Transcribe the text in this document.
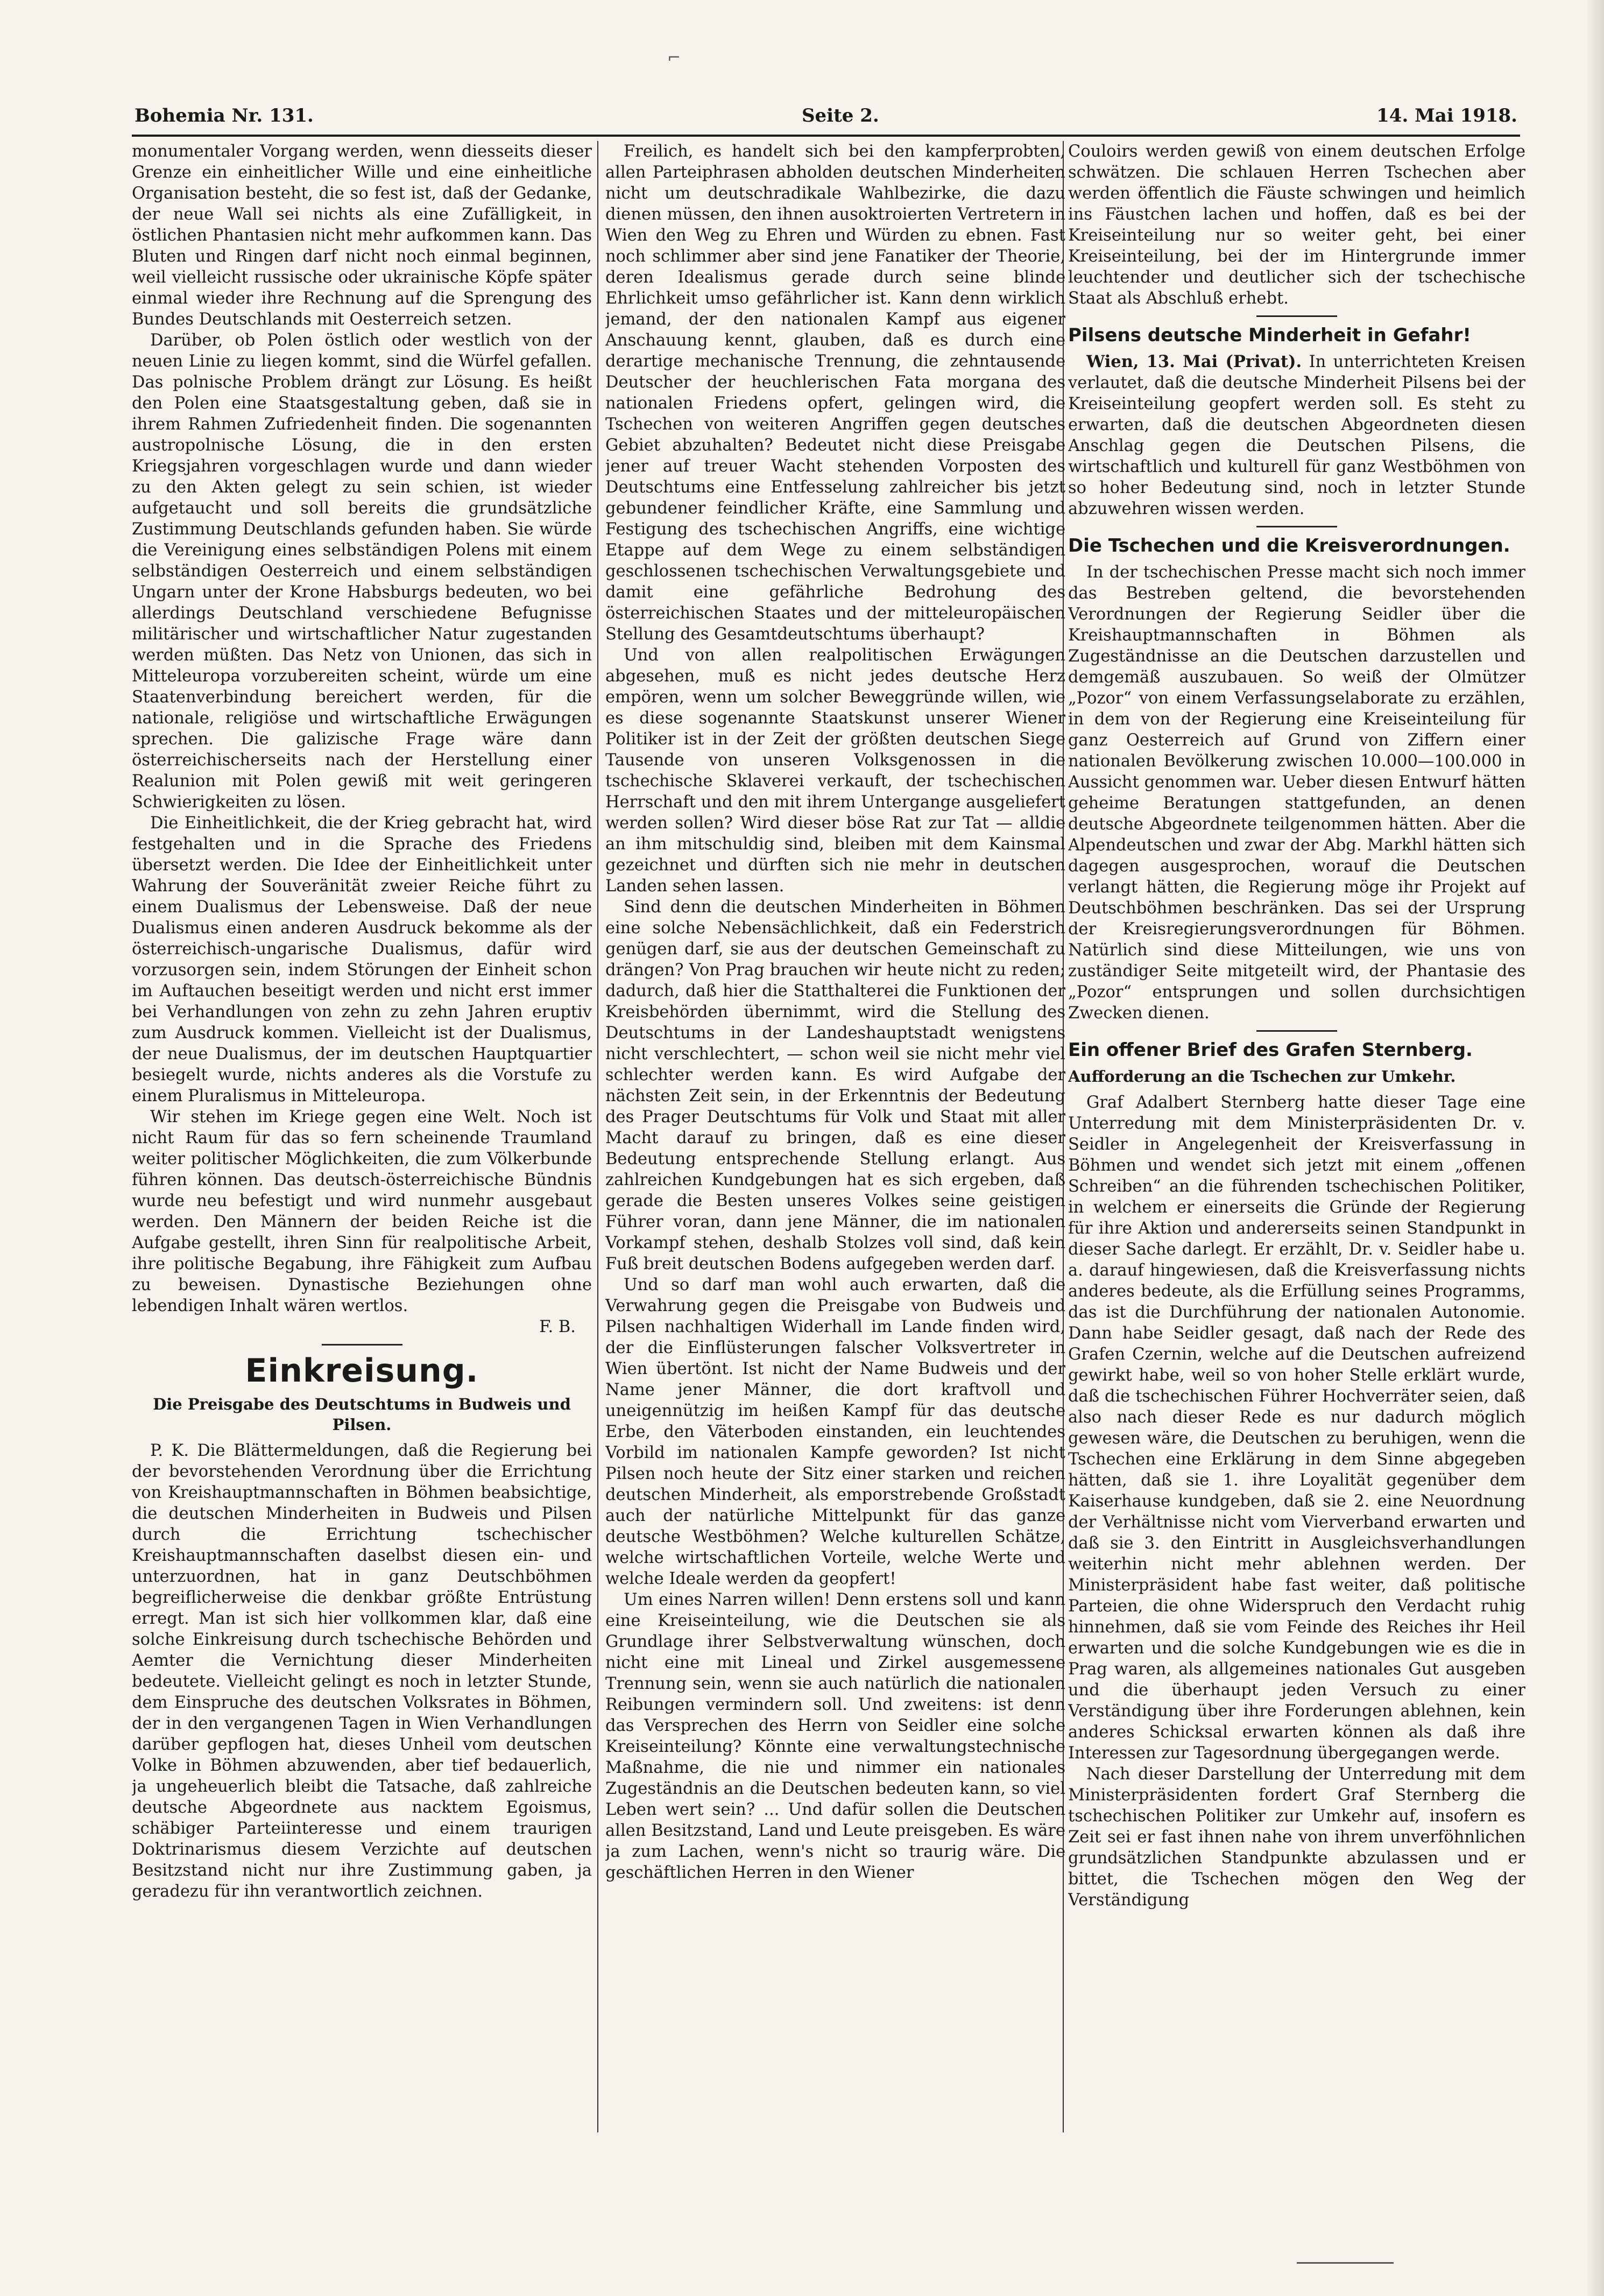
⌐
Bohemia Nr. 131.	Seite 2.	14. Mai 1918.

monumentaler Vorgang werden, wenn diesseits dieser Grenze ein einheitlicher Wille und eine einheitliche Organisation besteht, die so fest ist, daß der Gedanke, der neue Wall sei nichts als eine Zufälligkeit, in östlichen Phantasien nicht mehr aufkommen kann. Das Bluten und Ringen darf nicht noch einmal beginnen, weil vielleicht russische oder ukrainische Köpfe später einmal wieder ihre Rechnung auf die Sprengung des Bundes Deutschlands mit Oesterreich setzen.

Darüber, ob Polen östlich oder westlich von der neuen Linie zu liegen kommt, sind die Würfel gefallen. Das polnische Problem drängt zur Lösung. Es heißt den Polen eine Staatsgestaltung geben, daß sie in ihrem Rahmen Zufriedenheit finden. Die sogenannten austropolnische Lösung, die in den ersten Kriegsjahren vorgeschlagen wurde und dann wieder zu den Akten gelegt zu sein schien, ist wieder aufgetaucht und soll bereits die grundsätzliche Zustimmung Deutschlands gefunden haben. Sie würde die Vereinigung eines selbständigen Polens mit einem selbständigen Oesterreich und einem selbständigen Ungarn unter der Krone Habsburgs bedeuten, wo bei allerdings Deutschland verschiedene Befugnisse militärischer und wirtschaftlicher Natur zugestanden werden müßten. Das Netz von Unionen, das sich in Mitteleuropa vorzubereiten scheint, würde um eine Staatenverbindung bereichert werden, für die nationale, religiöse und wirtschaftliche Erwägungen sprechen. Die galizische Frage wäre dann österreichischerseits nach der Herstellung einer Realunion mit Polen gewiß mit weit geringeren Schwierigkeiten zu lösen.

Die Einheitlichkeit, die der Krieg gebracht hat, wird festgehalten und in die Sprache des Friedens übersetzt werden. Die Idee der Einheitlichkeit unter Wahrung der Souveränität zweier Reiche führt zu einem Dualismus der Lebensweise. Daß der neue Dualismus einen anderen Ausdruck bekomme als der österreichisch-ungarische Dualismus, dafür wird vorzusorgen sein, indem Störungen der Einheit schon im Auftauchen beseitigt werden und nicht erst immer bei Verhandlungen von zehn zu zehn Jahren eruptiv zum Ausdruck kommen. Vielleicht ist der Dualismus, der neue Dualismus, der im deutschen Hauptquartier besiegelt wurde, nichts anderes als die Vorstufe zu einem Pluralismus in Mitteleuropa.

Wir stehen im Kriege gegen eine Welt. Noch ist nicht Raum für das so fern scheinende Traumland weiter politischer Möglichkeiten, die zum Völkerbunde führen können. Das deutsch-österreichische Bündnis wurde neu befestigt und wird nunmehr ausgebaut werden. Den Männern der beiden Reiche ist die Aufgabe gestellt, ihren Sinn für realpolitische Arbeit, ihre politische Begabung, ihre Fähigkeit zum Aufbau zu beweisen. Dynastische Beziehungen ohne lebendigen Inhalt wären wertlos.

F. B.

Einkreisung.
Die Preisgabe des Deutschtums in Budweis und Pilsen.

P. K. Die Blättermeldungen, daß die Regierung bei der bevorstehenden Verordnung über die Errichtung von Kreishauptmannschaften in Böhmen beabsichtige, die deutschen Minderheiten in Budweis und Pilsen durch die Errichtung tschechischer Kreishauptmannschaften daselbst diesen ein- und unterzuordnen, hat in ganz Deutschböhmen begreiflicherweise die denkbar größte Entrüstung erregt. Man ist sich hier vollkommen klar, daß eine solche Einkreisung durch tschechische Behörden und Aemter die Vernichtung dieser Minderheiten bedeutete. Vielleicht gelingt es noch in letzter Stunde, dem Einspruche des deutschen Volksrates in Böhmen, der in den vergangenen Tagen in Wien Verhandlungen darüber gepflogen hat, dieses Unheil vom deutschen Volke in Böhmen abzuwenden, aber tief bedauerlich, ja ungeheuerlich bleibt die Tatsache, daß zahlreiche deutsche Abgeordnete aus nacktem Egoismus, schäbiger Parteiinteresse und einem traurigen Doktrinarismus diesem Verzichte auf deutschen Besitzstand nicht nur ihre Zustimmung gaben, ja geradezu für ihn verantwortlich zeichnen.

Freilich, es handelt sich bei den kampferprobten, allen Parteiphrasen abholden deutschen Minderheiten nicht um deutschradikale Wahlbezirke, die dazu dienen müssen, den ihnen ausoktroierten Vertretern in Wien den Weg zu Ehren und Würden zu ebnen. Fast noch schlimmer aber sind jene Fanatiker der Theorie, deren Idealismus gerade durch seine blinde Ehrlichkeit umso gefährlicher ist. Kann denn wirklich jemand, der den nationalen Kampf aus eigener Anschauung kennt, glauben, daß es durch eine derartige mechanische Trennung, die zehntausende Deutscher der heuchlerischen Fata morgana des nationalen Friedens opfert, gelingen wird, die Tschechen von weiteren Angriffen gegen deutsches Gebiet abzuhalten? Bedeutet nicht diese Preisgabe jener auf treuer Wacht stehenden Vorposten des Deutschtums eine Entfesselung zahlreicher bis jetzt gebundener feindlicher Kräfte, eine Sammlung und Festigung des tschechischen Angriffs, eine wichtige Etappe auf dem Wege zu einem selbständigen geschlossenen tschechischen Verwaltungsgebiete und damit eine gefährliche Bedrohung des österreichischen Staates und der mitteleuropäischen Stellung des Gesamtdeutschtums überhaupt?

Und von allen realpolitischen Erwägungen abgesehen, muß es nicht jedes deutsche Herz empören, wenn um solcher Beweggründe willen, wie es diese sogenannte Staatskunst unserer Wiener Politiker ist in der Zeit der größten deutschen Siege Tausende von unseren Volksgenossen in die tschechische Sklaverei verkauft, der tschechischen Herrschaft und den mit ihrem Untergange ausgeliefert werden sollen? Wird dieser böse Rat zur Tat — alldie an ihm mitschuldig sind, bleiben mit dem Kainsmal gezeichnet und dürften sich nie mehr in deutschen Landen sehen lassen.

Sind denn die deutschen Minderheiten in Böhmen eine solche Nebensächlichkeit, daß ein Federstrich genügen darf, sie aus der deutschen Gemeinschaft zu drängen? Von Prag brauchen wir heute nicht zu reden; dadurch, daß hier die Statthalterei die Funktionen der Kreisbehörden übernimmt, wird die Stellung des Deutschtums in der Landeshauptstadt wenigstens nicht verschlechtert, — schon weil sie nicht mehr viel schlechter werden kann. Es wird Aufgabe der nächsten Zeit sein, in der Erkenntnis der Bedeutung des Prager Deutschtums für Volk und Staat mit aller Macht darauf zu bringen, daß es eine dieser Bedeutung entsprechende Stellung erlangt. Aus zahlreichen Kundgebungen hat es sich ergeben, daß gerade die Besten unseres Volkes seine geistigen Führer voran, dann jene Männer, die im nationalen Vorkampf stehen, deshalb Stolzes voll sind, daß kein Fuß breit deutschen Bodens aufgegeben werden darf.

Und so darf man wohl auch erwarten, daß die Verwahrung gegen die Preisgabe von Budweis und Pilsen nachhaltigen Widerhall im Lande finden wird, der die Einflüsterungen falscher Volksvertreter in Wien übertönt. Ist nicht der Name Budweis und der Name jener Männer, die dort kraftvoll und uneigennützig im heißen Kampf für das deutsche Erbe, den Väterboden einstanden, ein leuchtendes Vorbild im nationalen Kampfe geworden? Ist nicht Pilsen noch heute der Sitz einer starken und reichen deutschen Minderheit, als emporstrebende Großstadt auch der natürliche Mittelpunkt für das ganze deutsche Westböhmen? Welche kulturellen Schätze, welche wirtschaftlichen Vorteile, welche Werte und welche Ideale werden da geopfert!

Um eines Narren willen! Denn erstens soll und kann eine Kreiseinteilung, wie die Deutschen sie als Grundlage ihrer Selbstverwaltung wünschen, doch nicht eine mit Lineal und Zirkel ausgemessene Trennung sein, wenn sie auch natürlich die nationalen Reibungen vermindern soll. Und zweitens: ist denn das Versprechen des Herrn von Seidler eine solche Kreiseinteilung? Könnte eine verwaltungstechnische Maßnahme, die nie und nimmer ein nationales Zugeständnis an die Deutschen bedeuten kann, so viel Leben wert sein? ... Und dafür sollen die Deutschen allen Besitzstand, Land und Leute preisgeben. Es wäre ja zum Lachen, wenn's nicht so traurig wäre. Die geschäftlichen Herren in den Wiener

Couloirs werden gewiß von einem deutschen Erfolge schwätzen. Die schlauen Herren Tschechen aber werden öffentlich die Fäuste schwingen und heimlich ins Fäustchen lachen und hoffen, daß es bei der Kreiseinteilung nur so weiter geht, bei einer Kreiseinteilung, bei der im Hintergrunde immer leuchtender und deutlicher sich der tschechische Staat als Abschluß erhebt.

Pilsens deutsche Minderheit in Gefahr!

Wien, 13. Mai (Privat). In unterrichteten Kreisen verlautet, daß die deutsche Minderheit Pilsens bei der Kreiseinteilung geopfert werden soll. Es steht zu erwarten, daß die deutschen Abgeordneten diesen Anschlag gegen die Deutschen Pilsens, die wirtschaftlich und kulturell für ganz Westböhmen von so hoher Bedeutung sind, noch in letzter Stunde abzuwehren wissen werden.

Die Tschechen und die Kreisverordnungen.

In der tschechischen Presse macht sich noch immer das Bestreben geltend, die bevorstehenden Verordnungen der Regierung Seidler über die Kreishauptmannschaften in Böhmen als Zugeständnisse an die Deutschen darzustellen und demgemäß auszubauen. So weiß der Olmützer „Pozor“ von einem Verfassungselaborate zu erzählen, in dem von der Regierung eine Kreiseinteilung für ganz Oesterreich auf Grund von Ziffern einer nationalen Bevölkerung zwischen 10.000—100.000 in Aussicht genommen war. Ueber diesen Entwurf hätten geheime Beratungen stattgefunden, an denen deutsche Abgeordnete teilgenommen hätten. Aber die Alpendeutschen und zwar der Abg. Markhl hätten sich dagegen ausgesprochen, worauf die Deutschen verlangt hätten, die Regierung möge ihr Projekt auf Deutschböhmen beschränken. Das sei der Ursprung der Kreisregierungsverordnungen für Böhmen. Natürlich sind diese Mitteilungen, wie uns von zuständiger Seite mitgeteilt wird, der Phantasie des „Pozor“ entsprungen und sollen durchsichtigen Zwecken dienen.

Ein offener Brief des Grafen Sternberg.
Aufforderung an die Tschechen zur Umkehr.

Graf Adalbert Sternberg hatte dieser Tage eine Unterredung mit dem Ministerpräsidenten Dr. v. Seidler in Angelegenheit der Kreisverfassung in Böhmen und wendet sich jetzt mit einem „offenen Schreiben“ an die führenden tschechischen Politiker, in welchem er einerseits die Gründe der Regierung für ihre Aktion und andererseits seinen Standpunkt in dieser Sache darlegt. Er erzählt, Dr. v. Seidler habe u. a. darauf hingewiesen, daß die Kreisverfassung nichts anderes bedeute, als die Erfüllung seines Programms, das ist die Durchführung der nationalen Autonomie. Dann habe Seidler gesagt, daß nach der Rede des Grafen Czernin, welche auf die Deutschen aufreizend gewirkt habe, weil so von hoher Stelle erklärt wurde, daß die tschechischen Führer Hochverräter seien, daß also nach dieser Rede es nur dadurch möglich gewesen wäre, die Deutschen zu beruhigen, wenn die Tschechen eine Erklärung in dem Sinne abgegeben hätten, daß sie 1. ihre Loyalität gegenüber dem Kaiserhause kundgeben, daß sie 2. eine Neuordnung der Verhältnisse nicht vom Vierverband erwarten und daß sie 3. den Eintritt in Ausgleichsverhandlungen weiterhin nicht mehr ablehnen werden. Der Ministerpräsident habe fast weiter, daß politische Parteien, die ohne Widerspruch den Verdacht ruhig hinnehmen, daß sie vom Feinde des Reiches ihr Heil erwarten und die solche Kundgebungen wie es die in Prag waren, als allgemeines nationales Gut ausgeben und die überhaupt jeden Versuch zu einer Verständigung über ihre Forderungen ablehnen, kein anderes Schicksal erwarten können als daß ihre Interessen zur Tagesordnung übergegangen werde.

Nach dieser Darstellung der Unterredung mit dem Ministerpräsidenten fordert Graf Sternberg die tschechischen Politiker zur Umkehr auf, insofern es Zeit sei er fast ihnen nahe von ihrem unverföhnlichen grundsätzlichen Standpunkte abzulassen und er bittet, die Tschechen mögen den Weg der Verständigung
